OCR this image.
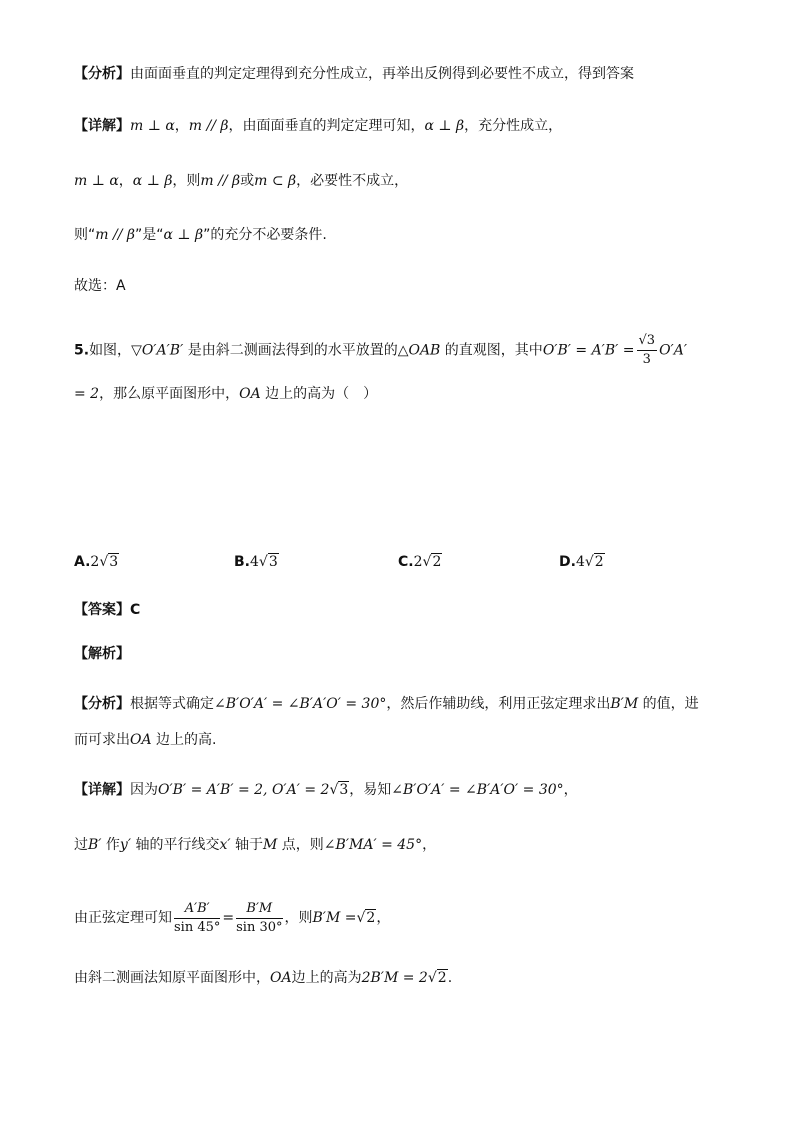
【分析】由面面垂直的判定定理得到充分性成立，再举出反例得到必要性不成立，得到答案
【详解】m ⊥ α，m // β，由面面垂直的判定定理可知，α ⊥ β，充分性成立，
m ⊥ α，α ⊥ β，则m // β或m ⊂ β，必要性不成立，
则“m // β”是“α ⊥ β”的充分不必要条件.
故选：A
5.如图，▽O′A′B′ 是由斜二测画法得到的水平放置的△OAB 的直观图，其中$O'B' = A'B' = \frac{√3}{3} O'A'$
= 2，那么原平面图形中，OA 边上的高为（　）
A.2√3	B.4√3	C.2√2	D.4√2
【答案】C
【解析】
【分析】根据等式确定∠B′O′A′ = ∠B′A′O′ = 30°，然后作辅助线，利用正弦定理求出B′M 的值，进
而可求出OA 边上的高.
【详解】因为O′B′ = A′B′ = 2, O′A′ = 2√3，易知∠B′O′A′ = ∠B′A′O′ = 30°，
过B′ 作y′ 轴的平行线交x′ 轴于M 点，则∠B′MA′ = 45°，
由正弦定理可知 $\frac{A'B'}{\sin 45^\circ} = \frac{B'M}{\sin 30^\circ}$ ，则B′M =√2，
由斜二测画法知原平面图形中，OA边上的高为2B′M = 2√2.
